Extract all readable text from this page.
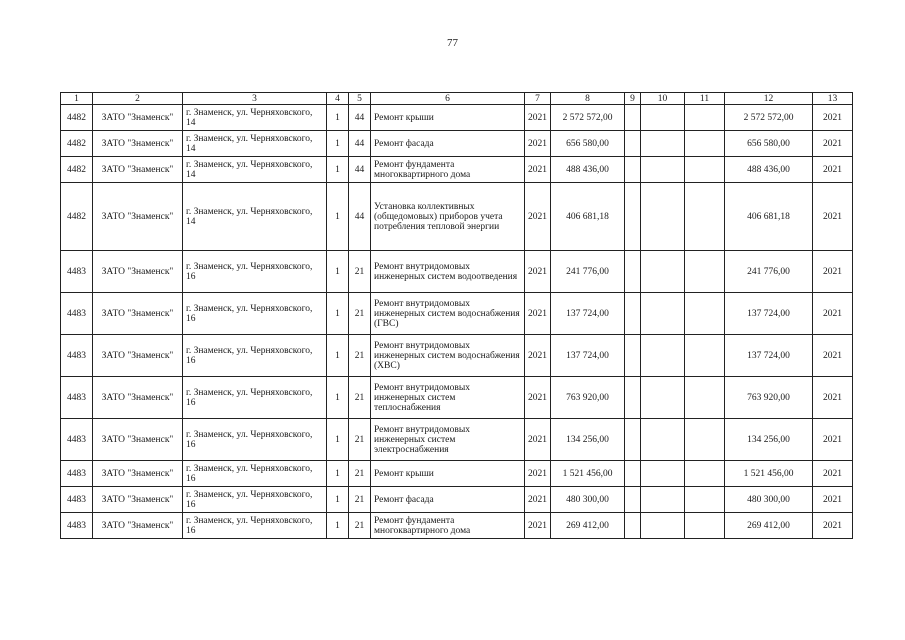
77
1	2	3	4	5	6	7	8	9	10	11	12	13
4482	ЗАТО "Знаменск"	г. Знаменск, ул. Черняховского, 14	1	44	Ремонт крыши	2021	2 572 572,00				2 572 572,00	2021
4482	ЗАТО "Знаменск"	г. Знаменск, ул. Черняховского, 14	1	44	Ремонт фасада	2021	656 580,00				656 580,00	2021
4482	ЗАТО "Знаменск"	г. Знаменск, ул. Черняховского, 14	1	44	Ремонт фундамента многоквартирного дома	2021	488 436,00				488 436,00	2021
4482	ЗАТО "Знаменск"	г. Знаменск, ул. Черняховского, 14	1	44	Установка коллективных (общедомовых) приборов учета потребления тепловой энергии	2021	406 681,18				406 681,18	2021
4483	ЗАТО "Знаменск"	г. Знаменск, ул. Черняховского, 16	1	21	Ремонт внутридомовых инженерных систем водоотведения	2021	241 776,00				241 776,00	2021
4483	ЗАТО "Знаменск"	г. Знаменск, ул. Черняховского, 16	1	21	Ремонт внутридомовых инженерных систем водоснабжения (ГВС)	2021	137 724,00				137 724,00	2021
4483	ЗАТО "Знаменск"	г. Знаменск, ул. Черняховского, 16	1	21	Ремонт внутридомовых инженерных систем водоснабжения (ХВС)	2021	137 724,00				137 724,00	2021
4483	ЗАТО "Знаменск"	г. Знаменск, ул. Черняховского, 16	1	21	Ремонт внутридомовых инженерных систем теплоснабжения	2021	763 920,00				763 920,00	2021
4483	ЗАТО "Знаменск"	г. Знаменск, ул. Черняховского, 16	1	21	Ремонт внутридомовых инженерных систем электроснабжения	2021	134 256,00				134 256,00	2021
4483	ЗАТО "Знаменск"	г. Знаменск, ул. Черняховского, 16	1	21	Ремонт крыши	2021	1 521 456,00				1 521 456,00	2021
4483	ЗАТО "Знаменск"	г. Знаменск, ул. Черняховского, 16	1	21	Ремонт фасада	2021	480 300,00				480 300,00	2021
4483	ЗАТО "Знаменск"	г. Знаменск, ул. Черняховского, 16	1	21	Ремонт фундамента многоквартирного дома	2021	269 412,00				269 412,00	2021
